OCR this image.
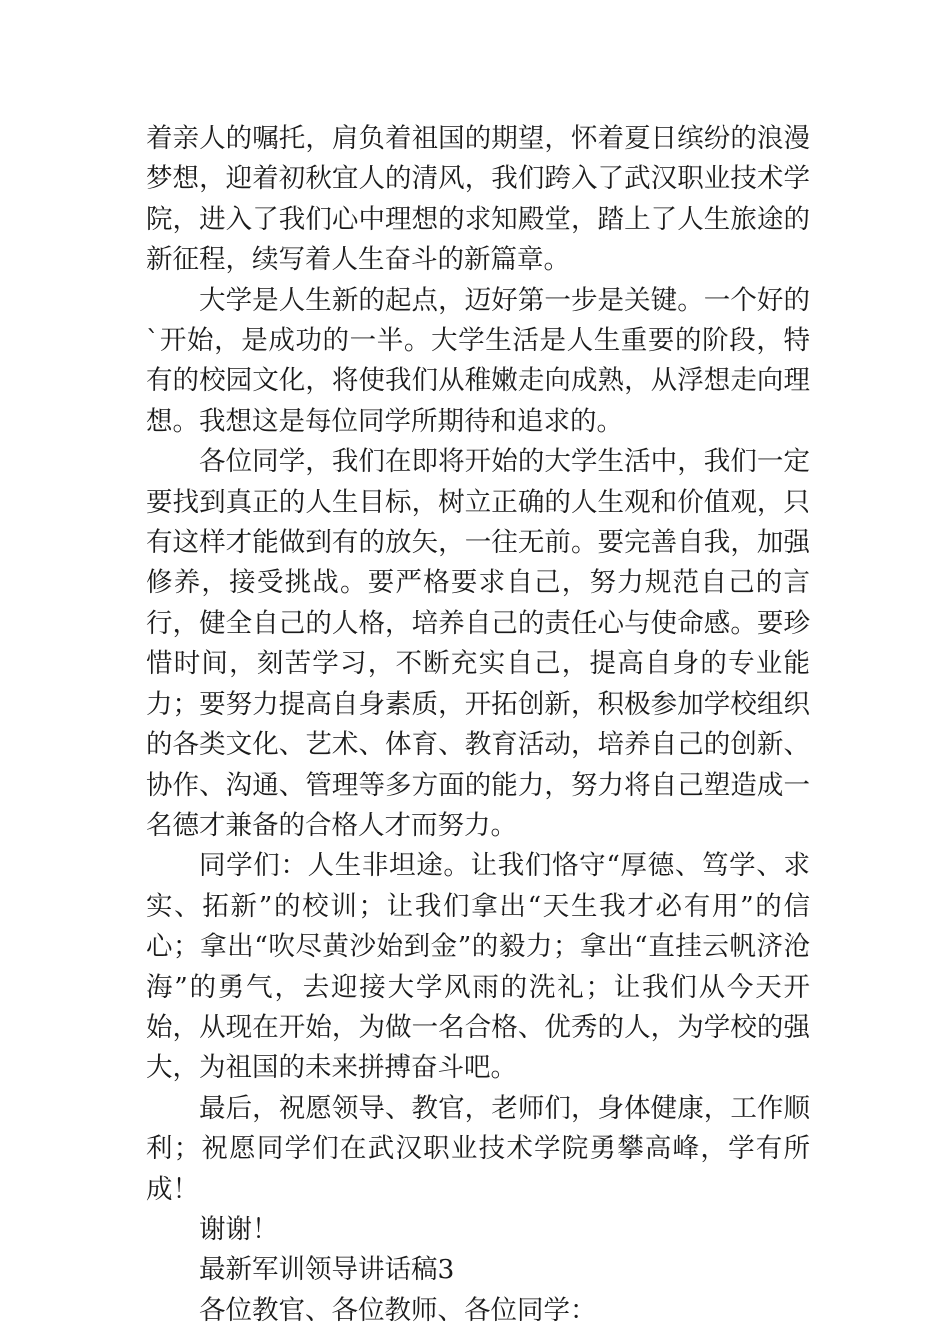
着亲人的嘱托，肩负着祖国的期望，怀着夏日缤纷的浪漫梦想，迎着初秋宜人的清风，我们跨入了武汉职业技术学院，进入了我们心中理想的求知殿堂，踏上了人生旅途的新征程，续写着人生奋斗的新篇章。

大学是人生新的起点，迈好第一步是关键。一个好的`开始，是成功的一半。大学生活是人生重要的阶段，特有的校园文化，将使我们从稚嫩走向成熟，从浮想走向理想。我想这是每位同学所期待和追求的。

各位同学，我们在即将开始的大学生活中，我们一定要找到真正的人生目标，树立正确的人生观和价值观，只有这样才能做到有的放矢，一往无前。要完善自我，加强修养，接受挑战。要严格要求自己，努力规范自己的言行，健全自己的人格，培养自己的责任心与使命感。要珍惜时间，刻苦学习，不断充实自己，提高自身的专业能力；要努力提高自身素质，开拓创新，积极参加学校组织的各类文化、艺术、体育、教育活动，培养自己的创新、协作、沟通、管理等多方面的能力，努力将自己塑造成一名德才兼备的合格人才而努力。

同学们：人生非坦途。让我们恪守“厚德、笃学、求实、拓新”的校训；让我们拿出“天生我才必有用”的信心；拿出“吹尽黄沙始到金”的毅力；拿出“直挂云帆济沧海”的勇气，去迎接大学风雨的洗礼；让我们从今天开始，从现在开始，为做一名合格、优秀的人，为学校的强大，为祖国的未来拼搏奋斗吧。

最后，祝愿领导、教官，老师们，身体健康，工作顺利；祝愿同学们在武汉职业技术学院勇攀高峰，学有所成！

谢谢！

最新军训领导讲话稿3

各位教官、各位教师、各位同学：
